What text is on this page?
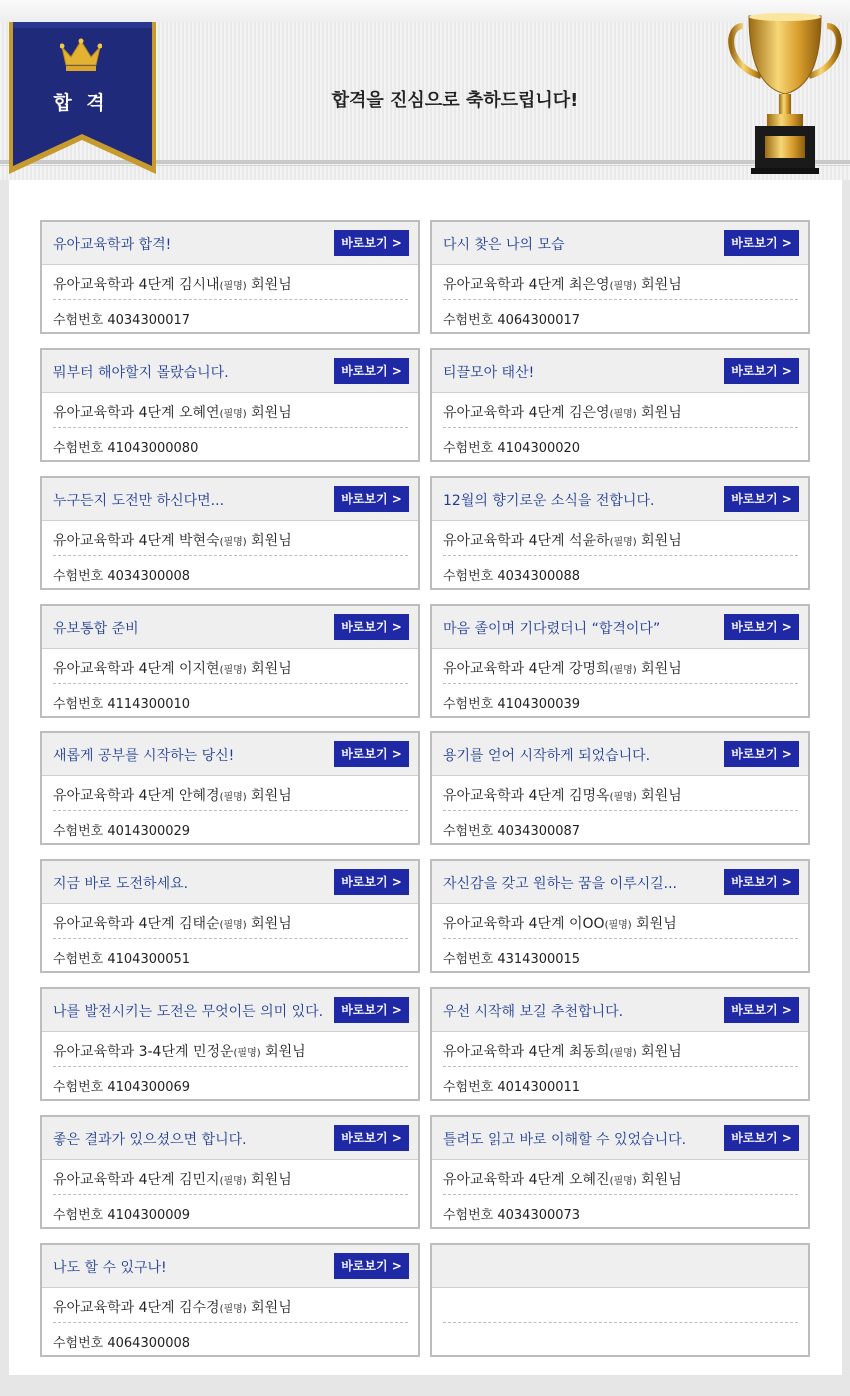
합 격	합격을 진심으로 축하드립니다!
유아교육학과 합격!	바로보기 >
유아교육학과 4단계 김시내(필명) 회원님
수험번호 4034300017
다시 찾은 나의 모습	바로보기 >
유아교육학과 4단계 최은영(필명) 회원님
수험번호 4064300017
뭐부터 해야할지 몰랐습니다.	바로보기 >
유아교육학과 4단계 오혜연(필명) 회원님
수험번호 41043000080
티끌모아 태산!	바로보기 >
유아교육학과 4단계 김은영(필명) 회원님
수험번호 4104300020
누구든지 도전만 하신다면...	바로보기 >
유아교육학과 4단계 박현숙(필명) 회원님
수험번호 4034300008
12월의 향기로운 소식을 전합니다.	바로보기 >
유아교육학과 4단계 석윤하(필명) 회원님
수험번호 4034300088
유보통합 준비	바로보기 >
유아교육학과 4단계 이지현(필명) 회원님
수험번호 4114300010
마음 졸이며 기다렸더니 “합격이다”	바로보기 >
유아교육학과 4단계 강명희(필명) 회원님
수험번호 4104300039
새롭게 공부를 시작하는 당신!	바로보기 >
유아교육학과 4단계 안혜경(필명) 회원님
수험번호 4014300029
용기를 얻어 시작하게 되었습니다.	바로보기 >
유아교육학과 4단계 김명옥(필명) 회원님
수험번호 4034300087
지금 바로 도전하세요.	바로보기 >
유아교육학과 4단계 김태순(필명) 회원님
수험번호 4104300051
자신감을 갖고 원하는 꿈을 이루시길...	바로보기 >
유아교육학과 4단계 이OO(필명) 회원님
수험번호 4314300015
나를 발전시키는 도전은 무엇이든 의미 있다.	바로보기 >
유아교육학과 3-4단계 민정운(필명) 회원님
수험번호 4104300069
우선 시작해 보길 추천합니다.	바로보기 >
유아교육학과 4단계 최동희(필명) 회원님
수험번호 4014300011
좋은 결과가 있으셨으면 합니다.	바로보기 >
유아교육학과 4단계 김민지(필명) 회원님
수험번호 4104300009
틀려도 읽고 바로 이해할 수 있었습니다.	바로보기 >
유아교육학과 4단계 오혜진(필명) 회원님
수험번호 4034300073
나도 할 수 있구나!	바로보기 >
유아교육학과 4단계 김수경(필명) 회원님
수험번호 4064300008
